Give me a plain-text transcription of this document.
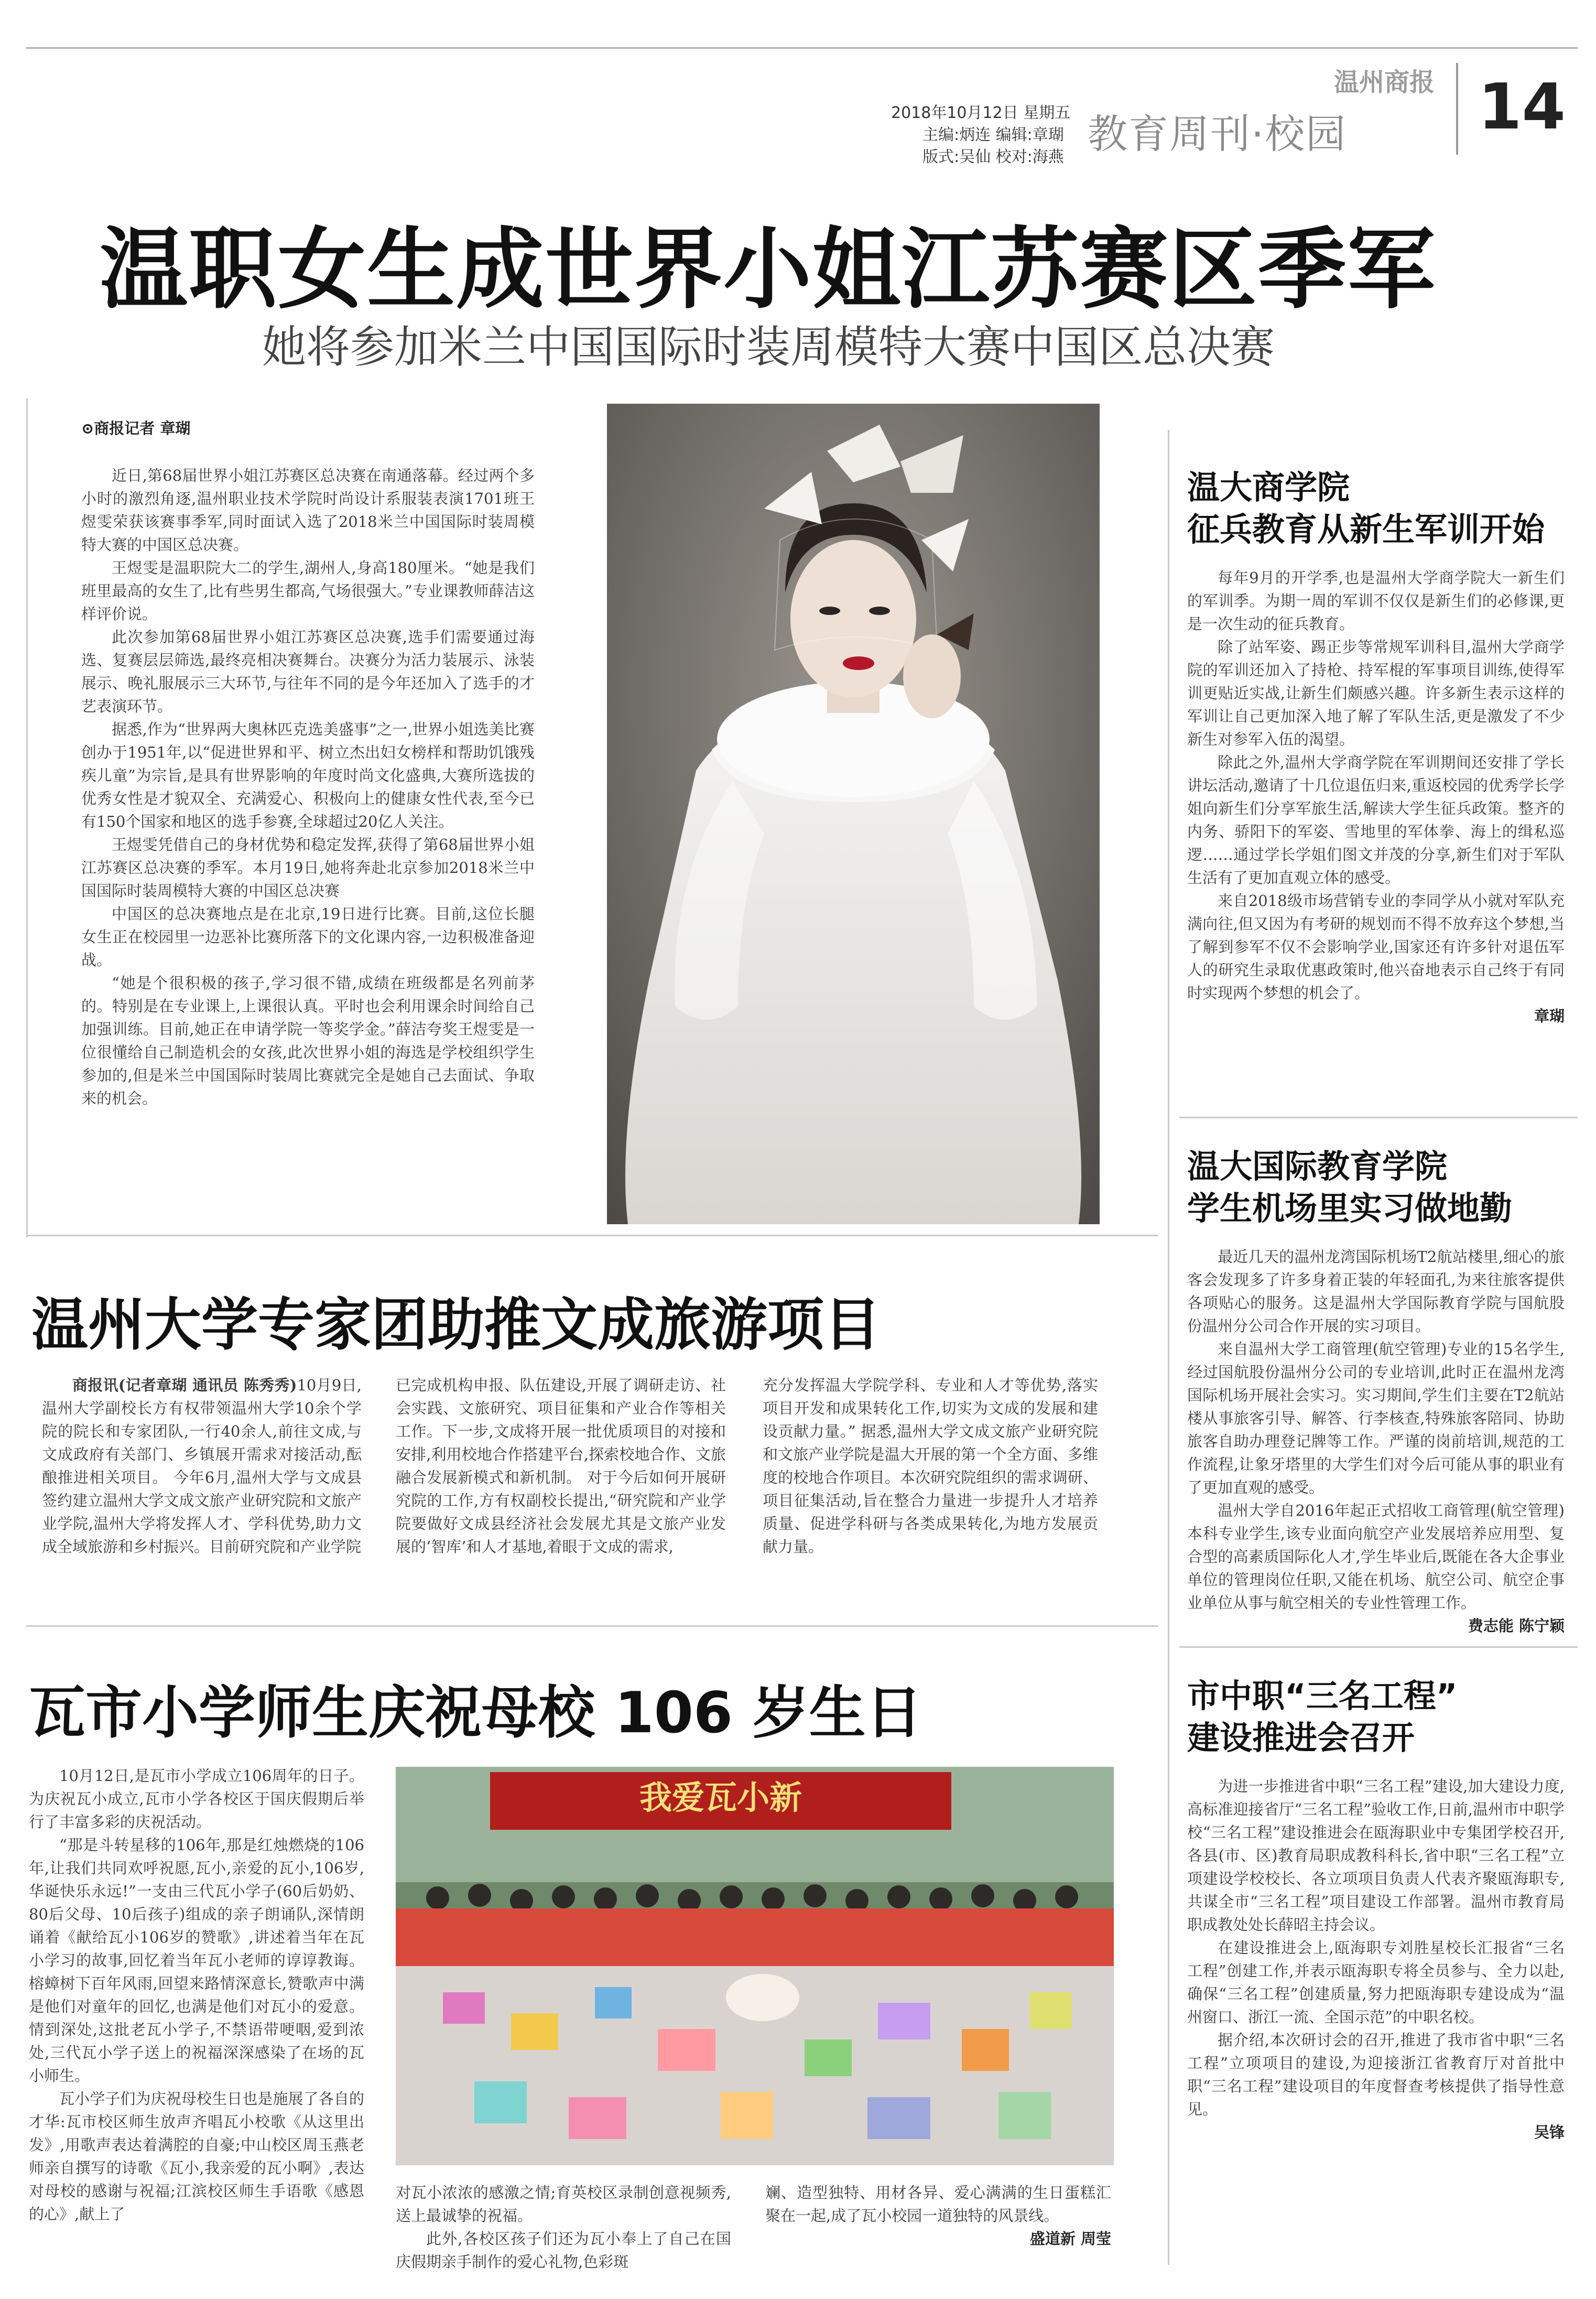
2018年10月12日 星期五
主编:炳连 编辑:章瑚
版式:吴仙 校对:海燕
温州商报
教育周刊·校园 14
温职女生成世界小姐江苏赛区季军
她将参加米兰中国国际时装周模特大赛中国区总决赛
⊙商报记者 章瑚

近日,第68届世界小姐江苏赛区总决赛在南通落幕。经过两个多小时的激烈角逐,温州职业技术学院时尚设计系服装表演1701班王煜雯荣获该赛事季军,同时面试入选了2018米兰中国国际时装周模特大赛的中国区总决赛。

王煜雯是温职院大二的学生,湖州人,身高180厘米。“她是我们班里最高的女生了,比有些男生都高,气场很强大。”专业课教师薛洁这样评价说。

此次参加第68届世界小姐江苏赛区总决赛,选手们需要通过海选、复赛层层筛选,最终亮相决赛舞台。决赛分为活力装展示、泳装展示、晚礼服展示三大环节,与往年不同的是今年还加入了选手的才艺表演环节。

据悉,作为“世界两大奥林匹克选美盛事”之一,世界小姐选美比赛创办于1951年,以“促进世界和平、树立杰出妇女榜样和帮助饥饿残疾儿童”为宗旨,是具有世界影响的年度时尚文化盛典,大赛所选拔的优秀女性是才貌双全、充满爱心、积极向上的健康女性代表,至今已有150个国家和地区的选手参赛,全球超过20亿人关注。

王煜雯凭借自己的身材优势和稳定发挥,获得了第68届世界小姐江苏赛区总决赛的季军。本月19日,她将奔赴北京参加2018米兰中国国际时装周模特大赛的中国区总决赛

中国区的总决赛地点是在北京,19日进行比赛。目前,这位长腿女生正在校园里一边恶补比赛所落下的文化课内容,一边积极准备迎战。

“她是个很积极的孩子,学习很不错,成绩在班级都是名列前茅的。特别是在专业课上,上课很认真。平时也会利用课余时间给自己加强训练。目前,她正在申请学院一等奖学金。”薛洁夸奖王煜雯是一位很懂给自己制造机会的女孩,此次世界小姐的海选是学校组织学生参加的,但是米兰中国国际时装周比赛就完全是她自己去面试、争取来的机会。

温大商学院
征兵教育从新生军训开始

每年9月的开学季,也是温州大学商学院大一新生们的军训季。为期一周的军训不仅仅是新生们的必修课,更是一次生动的征兵教育。

除了站军姿、踢正步等常规军训科目,温州大学商学院的军训还加入了持枪、持军棍的军事项目训练,使得军训更贴近实战,让新生们颇感兴趣。许多新生表示这样的军训让自己更加深入地了解了军队生活,更是激发了不少新生对参军入伍的渴望。

除此之外,温州大学商学院在军训期间还安排了学长讲坛活动,邀请了十几位退伍归来,重返校园的优秀学长学姐向新生们分享军旅生活,解读大学生征兵政策。整齐的内务、骄阳下的军姿、雪地里的军体拳、海上的缉私巡逻……通过学长学姐们图文并茂的分享,新生们对于军队生活有了更加直观立体的感受。

来自2018级市场营销专业的李同学从小就对军队充满向往,但又因为有考研的规划而不得不放弃这个梦想,当了解到参军不仅不会影响学业,国家还有许多针对退伍军人的研究生录取优惠政策时,他兴奋地表示自己终于有同时实现两个梦想的机会了。

章瑚
温大国际教育学院
学生机场里实习做地勤

最近几天的温州龙湾国际机场T2航站楼里,细心的旅客会发现多了许多身着正装的年轻面孔,为来往旅客提供各项贴心的服务。这是温州大学国际教育学院与国航股份温州分公司合作开展的实习项目。

来自温州大学工商管理(航空管理)专业的15名学生,经过国航股份温州分公司的专业培训,此时正在温州龙湾国际机场开展社会实习。实习期间,学生们主要在T2航站楼从事旅客引导、解答、行李核查,特殊旅客陪同、协助旅客自助办理登记牌等工作。严谨的岗前培训,规范的工作流程,让象牙塔里的大学生们对今后可能从事的职业有了更加直观的感受。

温州大学自2016年起正式招收工商管理(航空管理)本科专业学生,该专业面向航空产业发展培养应用型、复合型的高素质国际化人才,学生毕业后,既能在各大企事业单位的管理岗位任职,又能在机场、航空公司、航空企事业单位从事与航空相关的专业性管理工作。

费志能 陈宁颖
市中职“三名工程”
建设推进会召开

为进一步推进省中职“三名工程”建设,加大建设力度,高标准迎接省厅“三名工程”验收工作,日前,温州市中职学校“三名工程”建设推进会在瓯海职业中专集团学校召开,各县(市、区)教育局职成教科科长,省中职“三名工程”立项建设学校校长、各立项项目负责人代表齐聚瓯海职专,共谋全市“三名工程”项目建设工作部署。温州市教育局职成教处处长薛昭主持会议。

在建设推进会上,瓯海职专刘胜星校长汇报省“三名工程”创建工作,并表示瓯海职专将全员参与、全力以赴,确保“三名工程”创建质量,努力把瓯海职专建设成为“温州窗口、浙江一流、全国示范”的中职名校。

据介绍,本次研讨会的召开,推进了我市省中职“三名工程”立项项目的建设,为迎接浙江省教育厅对首批中职“三名工程”建设项目的年度督查考核提供了指导性意见。

吴锋
温州大学专家团助推文成旅游项目

商报讯(记者章瑚 通讯员 陈秀秀)10月9日,温州大学副校长方有权带领温州大学10余个学院的院长和专家团队,一行40余人,前往文成,与文成政府有关部门、乡镇展开需求对接活动,酝酿推进相关项目。 今年6月,温州大学与文成县签约建立温州大学文成文旅产业研究院和文旅产业学院,温州大学将发挥人才、学科优势,助力文成全域旅游和乡村振兴。目前研究院和产业学院

已完成机构申报、队伍建设,开展了调研走访、社会实践、文旅研究、项目征集和产业合作等相关工作。下一步,文成将开展一批优质项目的对接和安排,利用校地合作搭建平台,探索校地合作、文旅融合发展新模式和新机制。 对于今后如何开展研究院的工作,方有权副校长提出,“研究院和产业学院要做好文成县经济社会发展尤其是文旅产业发展的‘智库’和人才基地,着眼于文成的需求,

充分发挥温大学院学科、专业和人才等优势,落实项目开发和成果转化工作,切实为文成的发展和建设贡献力量。” 据悉,温州大学文成文旅产业研究院和文旅产业学院是温大开展的第一个全方面、多维度的校地合作项目。本次研究院组织的需求调研、项目征集活动,旨在整合力量进一步提升人才培养质量、促进学科研与各类成果转化,为地方发展贡献力量。

瓦市小学师生庆祝母校 106 岁生日

10月12日,是瓦市小学成立106周年的日子。为庆祝瓦小成立,瓦市小学各校区于国庆假期后举行了丰富多彩的庆祝活动。

“那是斗转星移的106年,那是红烛燃烧的106年,让我们共同欢呼祝愿,瓦小,亲爱的瓦小,106岁,华诞快乐永远!”一支由三代瓦小学子(60后奶奶、80后父母、10后孩子)组成的亲子朗诵队,深情朗诵着《献给瓦小106岁的赞歌》,讲述着当年在瓦小学习的故事,回忆着当年瓦小老师的谆谆教诲。榕蟑树下百年风雨,回望来路情深意长,赞歌声中满是他们对童年的回忆,也满是他们对瓦小的爱意。情到深处,这批老瓦小学子,不禁语带哽咽,爱到浓处,三代瓦小学子送上的祝福深深感染了在场的瓦小师生。

瓦小学子们为庆祝母校生日也是施展了各自的才华:瓦市校区师生放声齐唱瓦小校歌《从这里出发》,用歌声表达着满腔的自豪;中山校区周玉燕老师亲自撰写的诗歌《瓦小,我亲爱的瓦小啊》,表达对母校的感谢与祝福;江滨校区师生手语歌《感恩的心》,献上了

我爱瓦小新

对瓦小浓浓的感激之情;育英校区录制创意视频秀,送上最诚挚的祝福。

此外,各校区孩子们还为瓦小奉上了自己在国庆假期亲手制作的爱心礼物,色彩斑

斓、造型独特、用材各异、爱心满满的生日蛋糕汇聚在一起,成了瓦小校园一道独特的风景线。

盛道新 周莹
